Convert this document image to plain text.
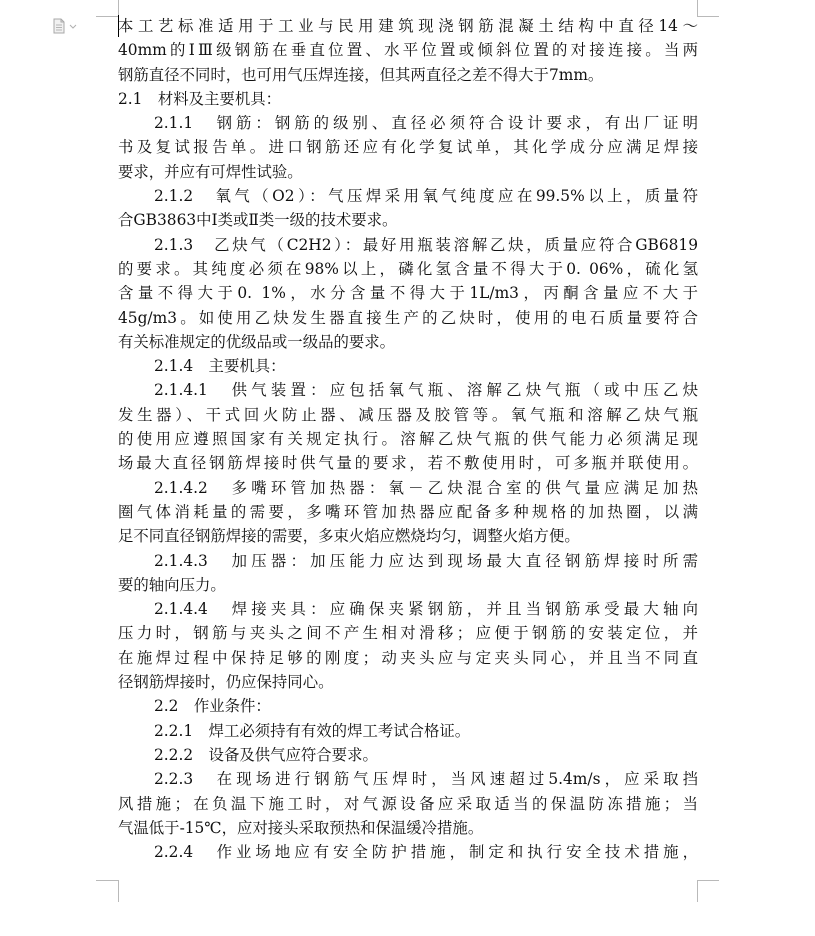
本工艺标准适用于工业与民用建筑现浇钢筋混凝土结构中直径14～
40mm的ⅠⅢ级钢筋在垂直位置、水平位置或倾斜位置的对接连接。当两
钢筋直径不同时，也可用气压焊连接，但其两直径之差不得大于7mm。
2.1　材料及主要机具：
2.1.1　钢筋：钢筋的级别、直径必须符合设计要求，有出厂证明
书及复试报告单。进口钢筋还应有化学复试单，其化学成分应满足焊接
要求，并应有可焊性试验。
2.1.2　氧气（O2）：气压焊采用氧气纯度应在99.5%以上，质量符
合GB3863中Ⅰ类或Ⅱ类一级的技术要求。
2.1.3　乙炔气（C2H2）：最好用瓶装溶解乙炔，质量应符合GB6819
的要求。其纯度必须在98%以上，磷化氢含量不得大于0. 06%，硫化氢
含量不得大于0. 1%，水分含量不得大于1L/m3，丙酮含量应不大于
45g/m3。如使用乙炔发生器直接生产的乙炔时，使用的电石质量要符合
有关标准规定的优级品或一级品的要求。
2.1.4　主要机具：
2.1.4.1　供气装置：应包括氧气瓶、溶解乙炔气瓶（或中压乙炔
发生器）、干式回火防止器、减压器及胶管等。氧气瓶和溶解乙炔气瓶
的使用应遵照国家有关规定执行。溶解乙炔气瓶的供气能力必须满足现
场最大直径钢筋焊接时供气量的要求，若不敷使用时，可多瓶并联使用。
2.1.4.2　多嘴环管加热器：氧－乙炔混合室的供气量应满足加热
圈气体消耗量的需要，多嘴环管加热器应配备多种规格的加热圈，以满
足不同直径钢筋焊接的需要，多束火焰应燃烧均匀，调整火焰方便。
2.1.4.3　加压器：加压能力应达到现场最大直径钢筋焊接时所需
要的轴向压力。
2.1.4.4　焊接夹具：应确保夹紧钢筋，并且当钢筋承受最大轴向
压力时，钢筋与夹头之间不产生相对滑移；应便于钢筋的安装定位，并
在施焊过程中保持足够的刚度；动夹头应与定夹头同心，并且当不同直
径钢筋焊接时，仍应保持同心。
2.2　作业条件：
2.2.1　焊工必须持有有效的焊工考试合格证。
2.2.2　设备及供气应符合要求。
2.2.3　在现场进行钢筋气压焊时，当风速超过5.4m/s，应采取挡
风措施；在负温下施工时，对气源设备应采取适当的保温防冻措施；当
气温低于-15℃，应对接头采取预热和保温缓冷措施。
2.2.4　作业场地应有安全防护措施，制定和执行安全技术措施，
